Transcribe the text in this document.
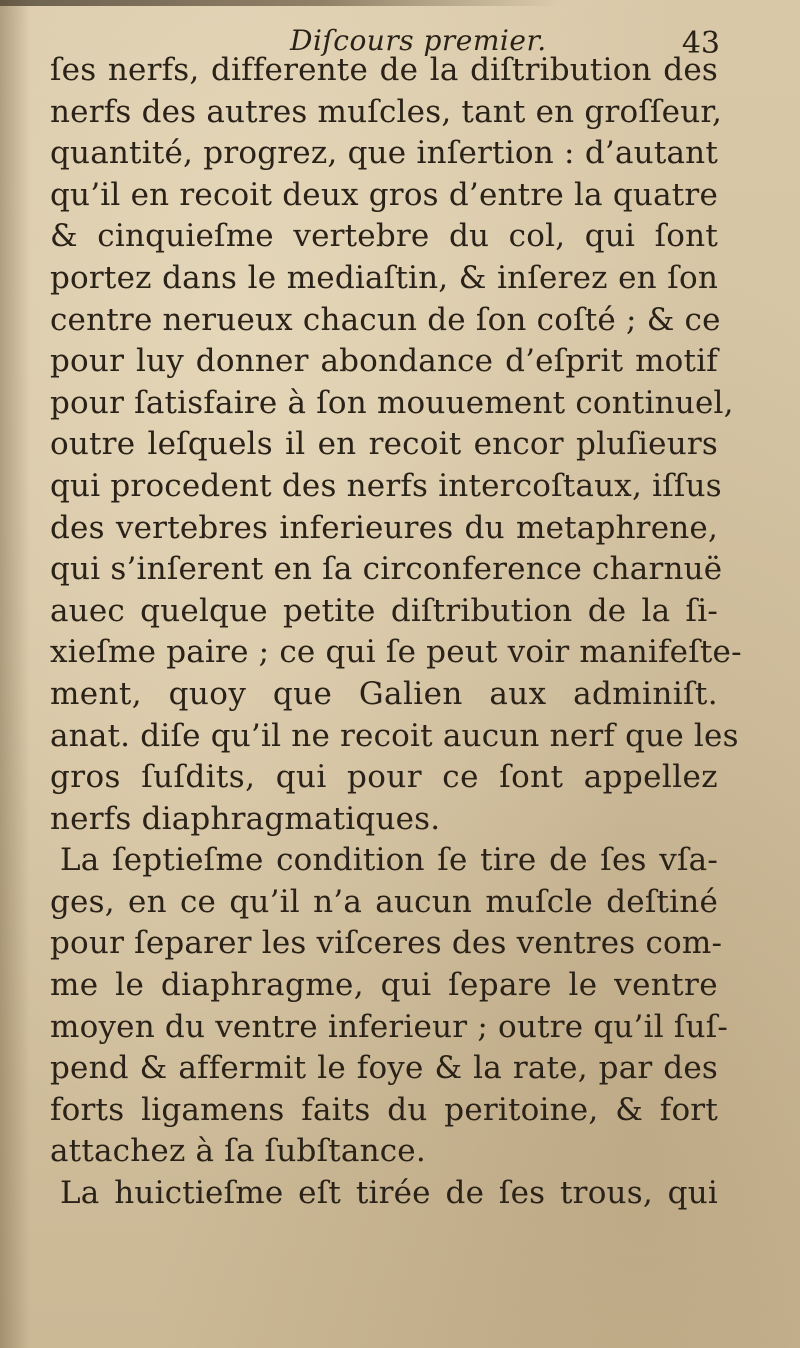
Diſcours premier.	43
ſes nerfs, differente de la diſtribution des
nerfs des autres muſcles, tant en groſſeur,
quantité, progrez, que inſertion : d’autant
qu’il en recoit deux gros d’entre la quatre
& cinquieſme vertebre du col, qui ſont
portez dans le mediaſtin, & inſerez en ſon
centre nerueux chacun de ſon coſté ; & ce
pour luy donner abondance d’eſprit motif
pour ſatisfaire à ſon mouuement continuel,
outre leſquels il en recoit encor pluſieurs
qui procedent des nerfs intercoſtaux, iſſus
des vertebres inferieures du metaphrene,
qui s’inſerent en ſa circonference charnuë
auec quelque petite diſtribution de la ſi-
xieſme paire ; ce qui ſe peut voir manifeſte-
ment, quoy que Galien aux adminiſt.
anat. diſe qu’il ne recoit aucun nerf que les
gros ſuſdits, qui pour ce ſont appellez
nerfs diaphragmatiques.
La ſeptieſme condition ſe tire de ſes vſa-
ges, en ce qu’il n’a aucun muſcle deſtiné
pour ſeparer les viſceres des ventres com-
me le diaphragme, qui ſepare le ventre
moyen du ventre inferieur ; outre qu’il ſuſ-
pend & affermit le foye & la rate, par des
forts ligamens faits du peritoine, & fort
attachez à ſa ſubſtance.
La huictieſme eſt tirée de ſes trous, qui
